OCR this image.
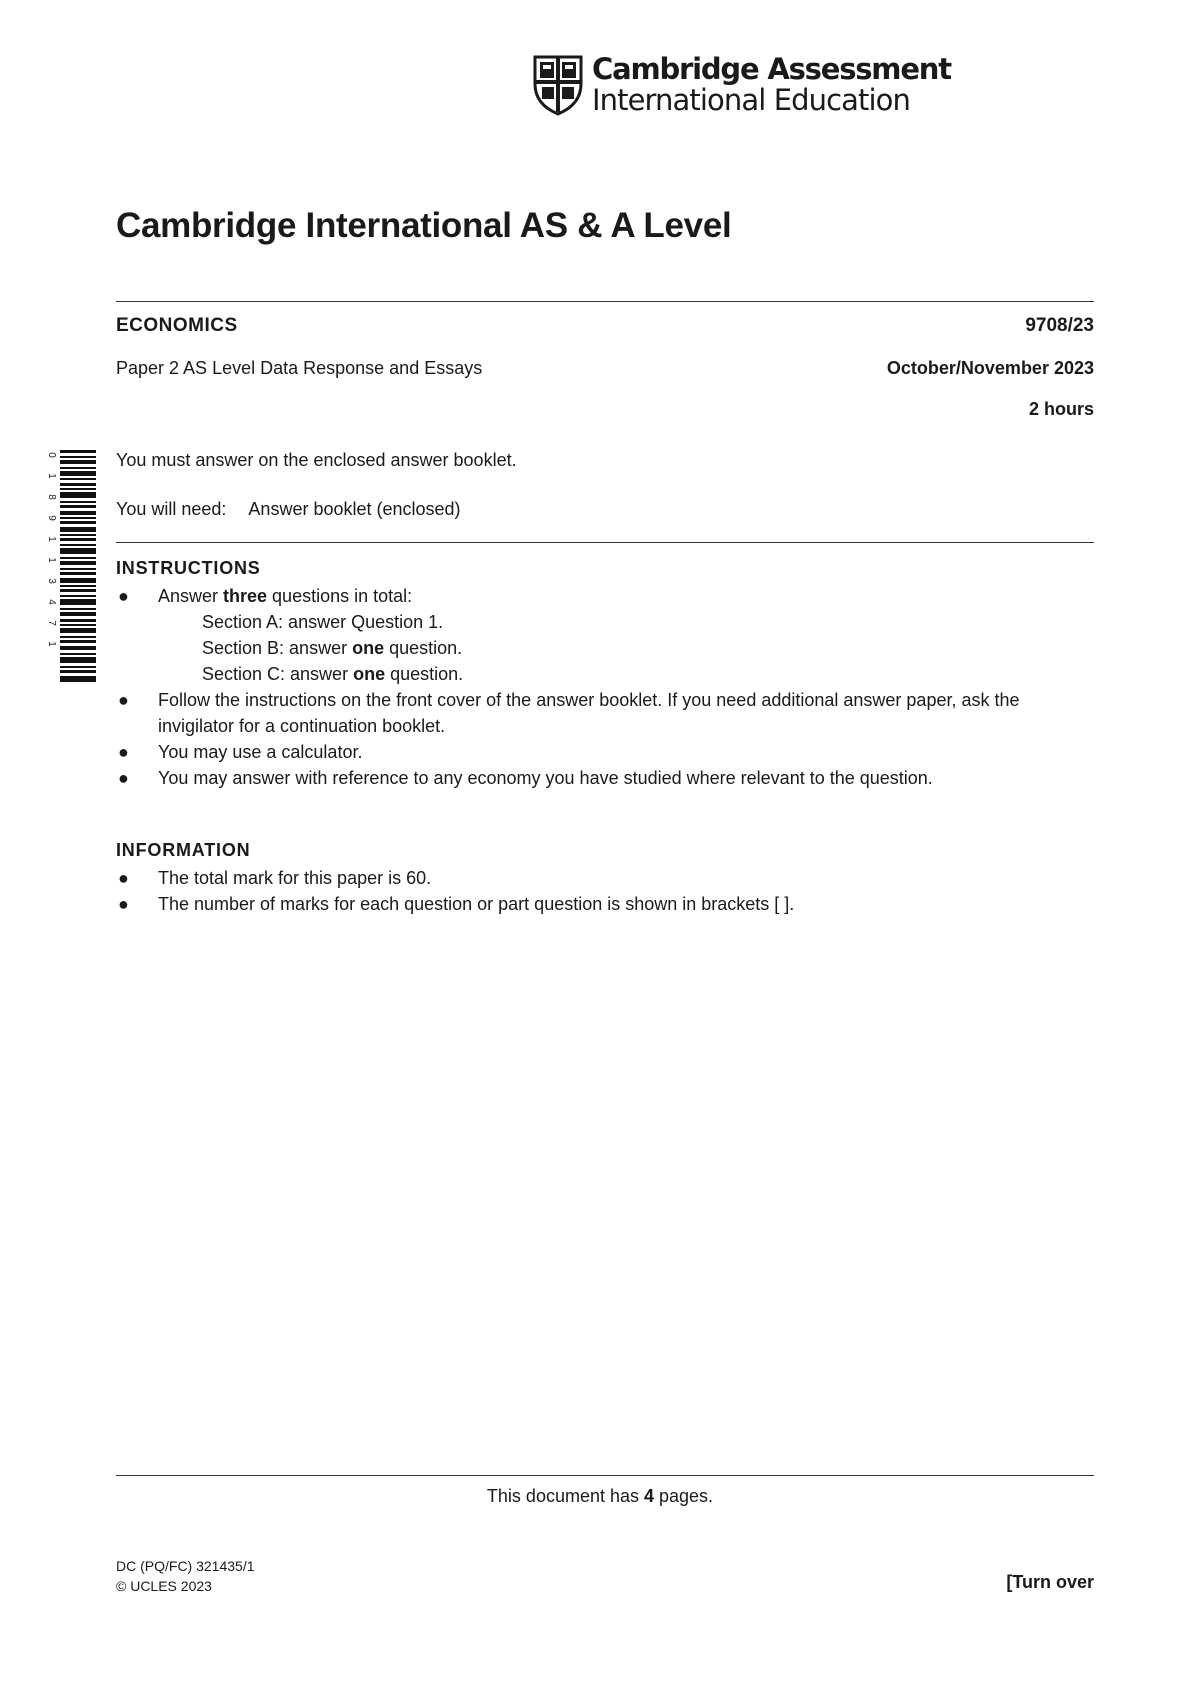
Cambridge Assessment
International Education
Cambridge International AS & A Level
ECONOMICS	9708/23
Paper 2 AS Level Data Response and Essays	October/November 2023
2 hours
0
1
8
9
1
1
3
4
7
1
You must answer on the enclosed answer booklet.
You will need: Answer booklet (enclosed)
INSTRUCTIONS
●	Answer three questions in total:
Section A: answer Question 1.
Section B: answer one question.
Section C: answer one question.
●	Follow the instructions on the front cover of the answer booklet. If you need additional answer paper, ask the invigilator for a continuation booklet.
●	You may use a calculator.
●	You may answer with reference to any economy you have studied where relevant to the question.
INFORMATION
●	The total mark for this paper is 60.
●	The number of marks for each question or part question is shown in brackets [ ].
This document has 4 pages.
DC (PQ/FC) 321435/1
© UCLES 2023	[Turn over
